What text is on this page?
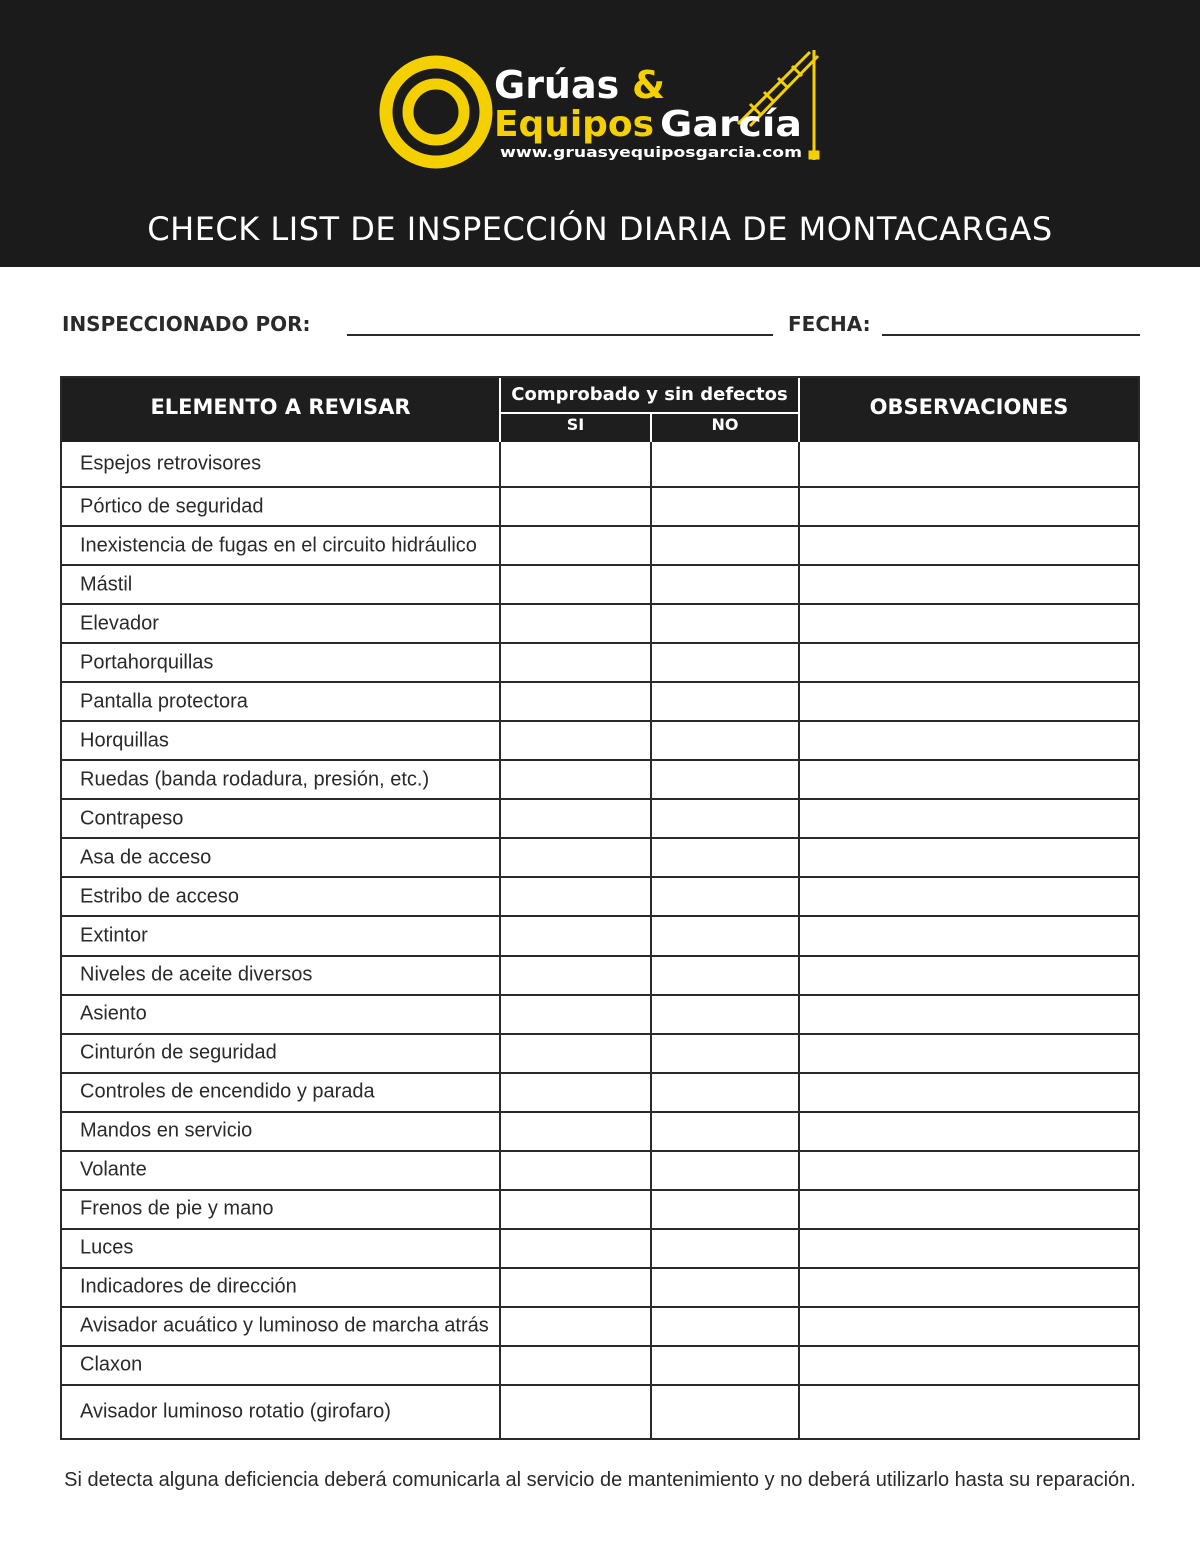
Grúas &
Equipos García
www.gruasyequiposgarcia.com
CHECK LIST DE INSPECCIÓN DIARIA DE MONTACARGAS
INSPECCIONADO POR:	FECHA:
ELEMENTO A REVISAR
Comprobado y sin defectos
SI	NO
OBSERVACIONES
Avisador luminoso rotatio (girofaro)
Claxon
Avisador acuático y luminoso de marcha atrás
Indicadores de dirección
Luces
Frenos de pie y mano
Volante
Mandos en servicio
Controles de encendido y parada
Cinturón de seguridad
Asiento
Niveles de aceite diversos
Extintor
Estribo de acceso
Asa de acceso
Contrapeso
Ruedas (banda rodadura, presión, etc.)
Horquillas
Pantalla protectora
Portahorquillas
Elevador
Mástil
Inexistencia de fugas en el circuito hidráulico
Pórtico de seguridad
Espejos retrovisores
Si detecta alguna deficiencia deberá comunicarla al servicio de mantenimiento y no deberá utilizarlo hasta su reparación.
